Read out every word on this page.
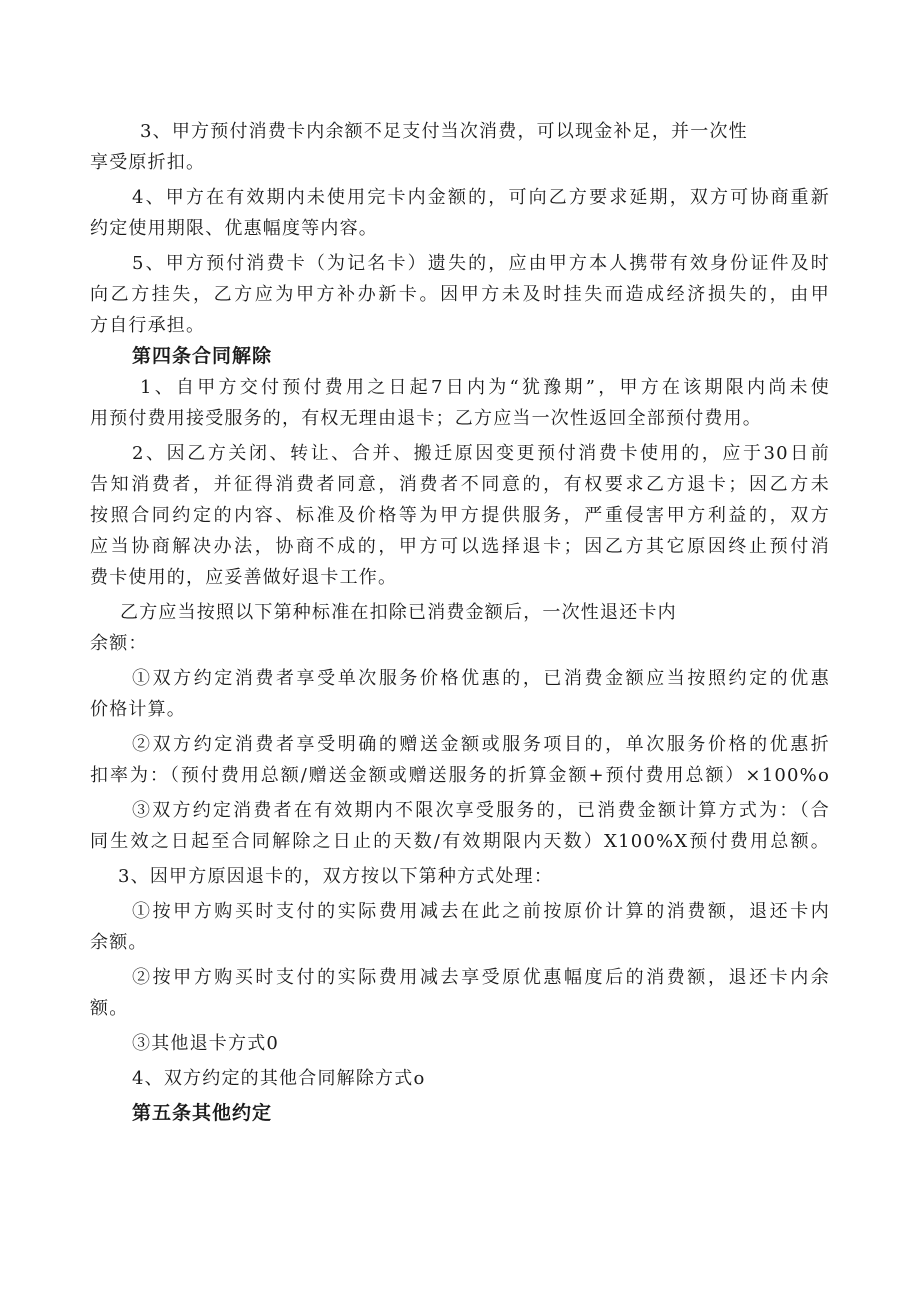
3、甲方预付消费卡内余额不足支付当次消费，可以现金补足，并一次性
享受原折扣。
4、甲方在有效期内未使用完卡内金额的，可向乙方要求延期，双方可协商重新
约定使用期限、优惠幅度等内容。
5、甲方预付消费卡（为记名卡）遗失的，应由甲方本人携带有效身份证件及时
向乙方挂失，乙方应为甲方补办新卡。因甲方未及时挂失而造成经济损失的，由甲
方自行承担。
第四条合同解除
1、自甲方交付预付费用之日起7日内为“犹豫期”，甲方在该期限内尚未使
用预付费用接受服务的，有权无理由退卡；乙方应当一次性返回全部预付费用。
2、因乙方关闭、转让、合并、搬迁原因变更预付消费卡使用的，应于30日前
告知消费者，并征得消费者同意，消费者不同意的，有权要求乙方退卡；因乙方未
按照合同约定的内容、标准及价格等为甲方提供服务，严重侵害甲方利益的，双方
应当协商解决办法，协商不成的，甲方可以选择退卡；因乙方其它原因终止预付消
费卡使用的，应妥善做好退卡工作。
乙方应当按照以下第种标准在扣除已消费金额后，一次性退还卡内
余额：
①双方约定消费者享受单次服务价格优惠的，已消费金额应当按照约定的优惠
价格计算。
②双方约定消费者享受明确的赠送金额或服务项目的，单次服务价格的优惠折
扣率为：（预付费用总额/赠送金额或赠送服务的折算金额+预付费用总额）×100%o
③双方约定消费者在有效期内不限次享受服务的，已消费金额计算方式为：（合
同生效之日起至合同解除之日止的天数/有效期限内天数）X100%X预付费用总额。
3、因甲方原因退卡的，双方按以下第种方式处理：
①按甲方购买时支付的实际费用减去在此之前按原价计算的消费额，退还卡内
余额。
②按甲方购买时支付的实际费用减去享受原优惠幅度后的消费额，退还卡内余
额。
③其他退卡方式0
4、双方约定的其他合同解除方式o
第五条其他约定
